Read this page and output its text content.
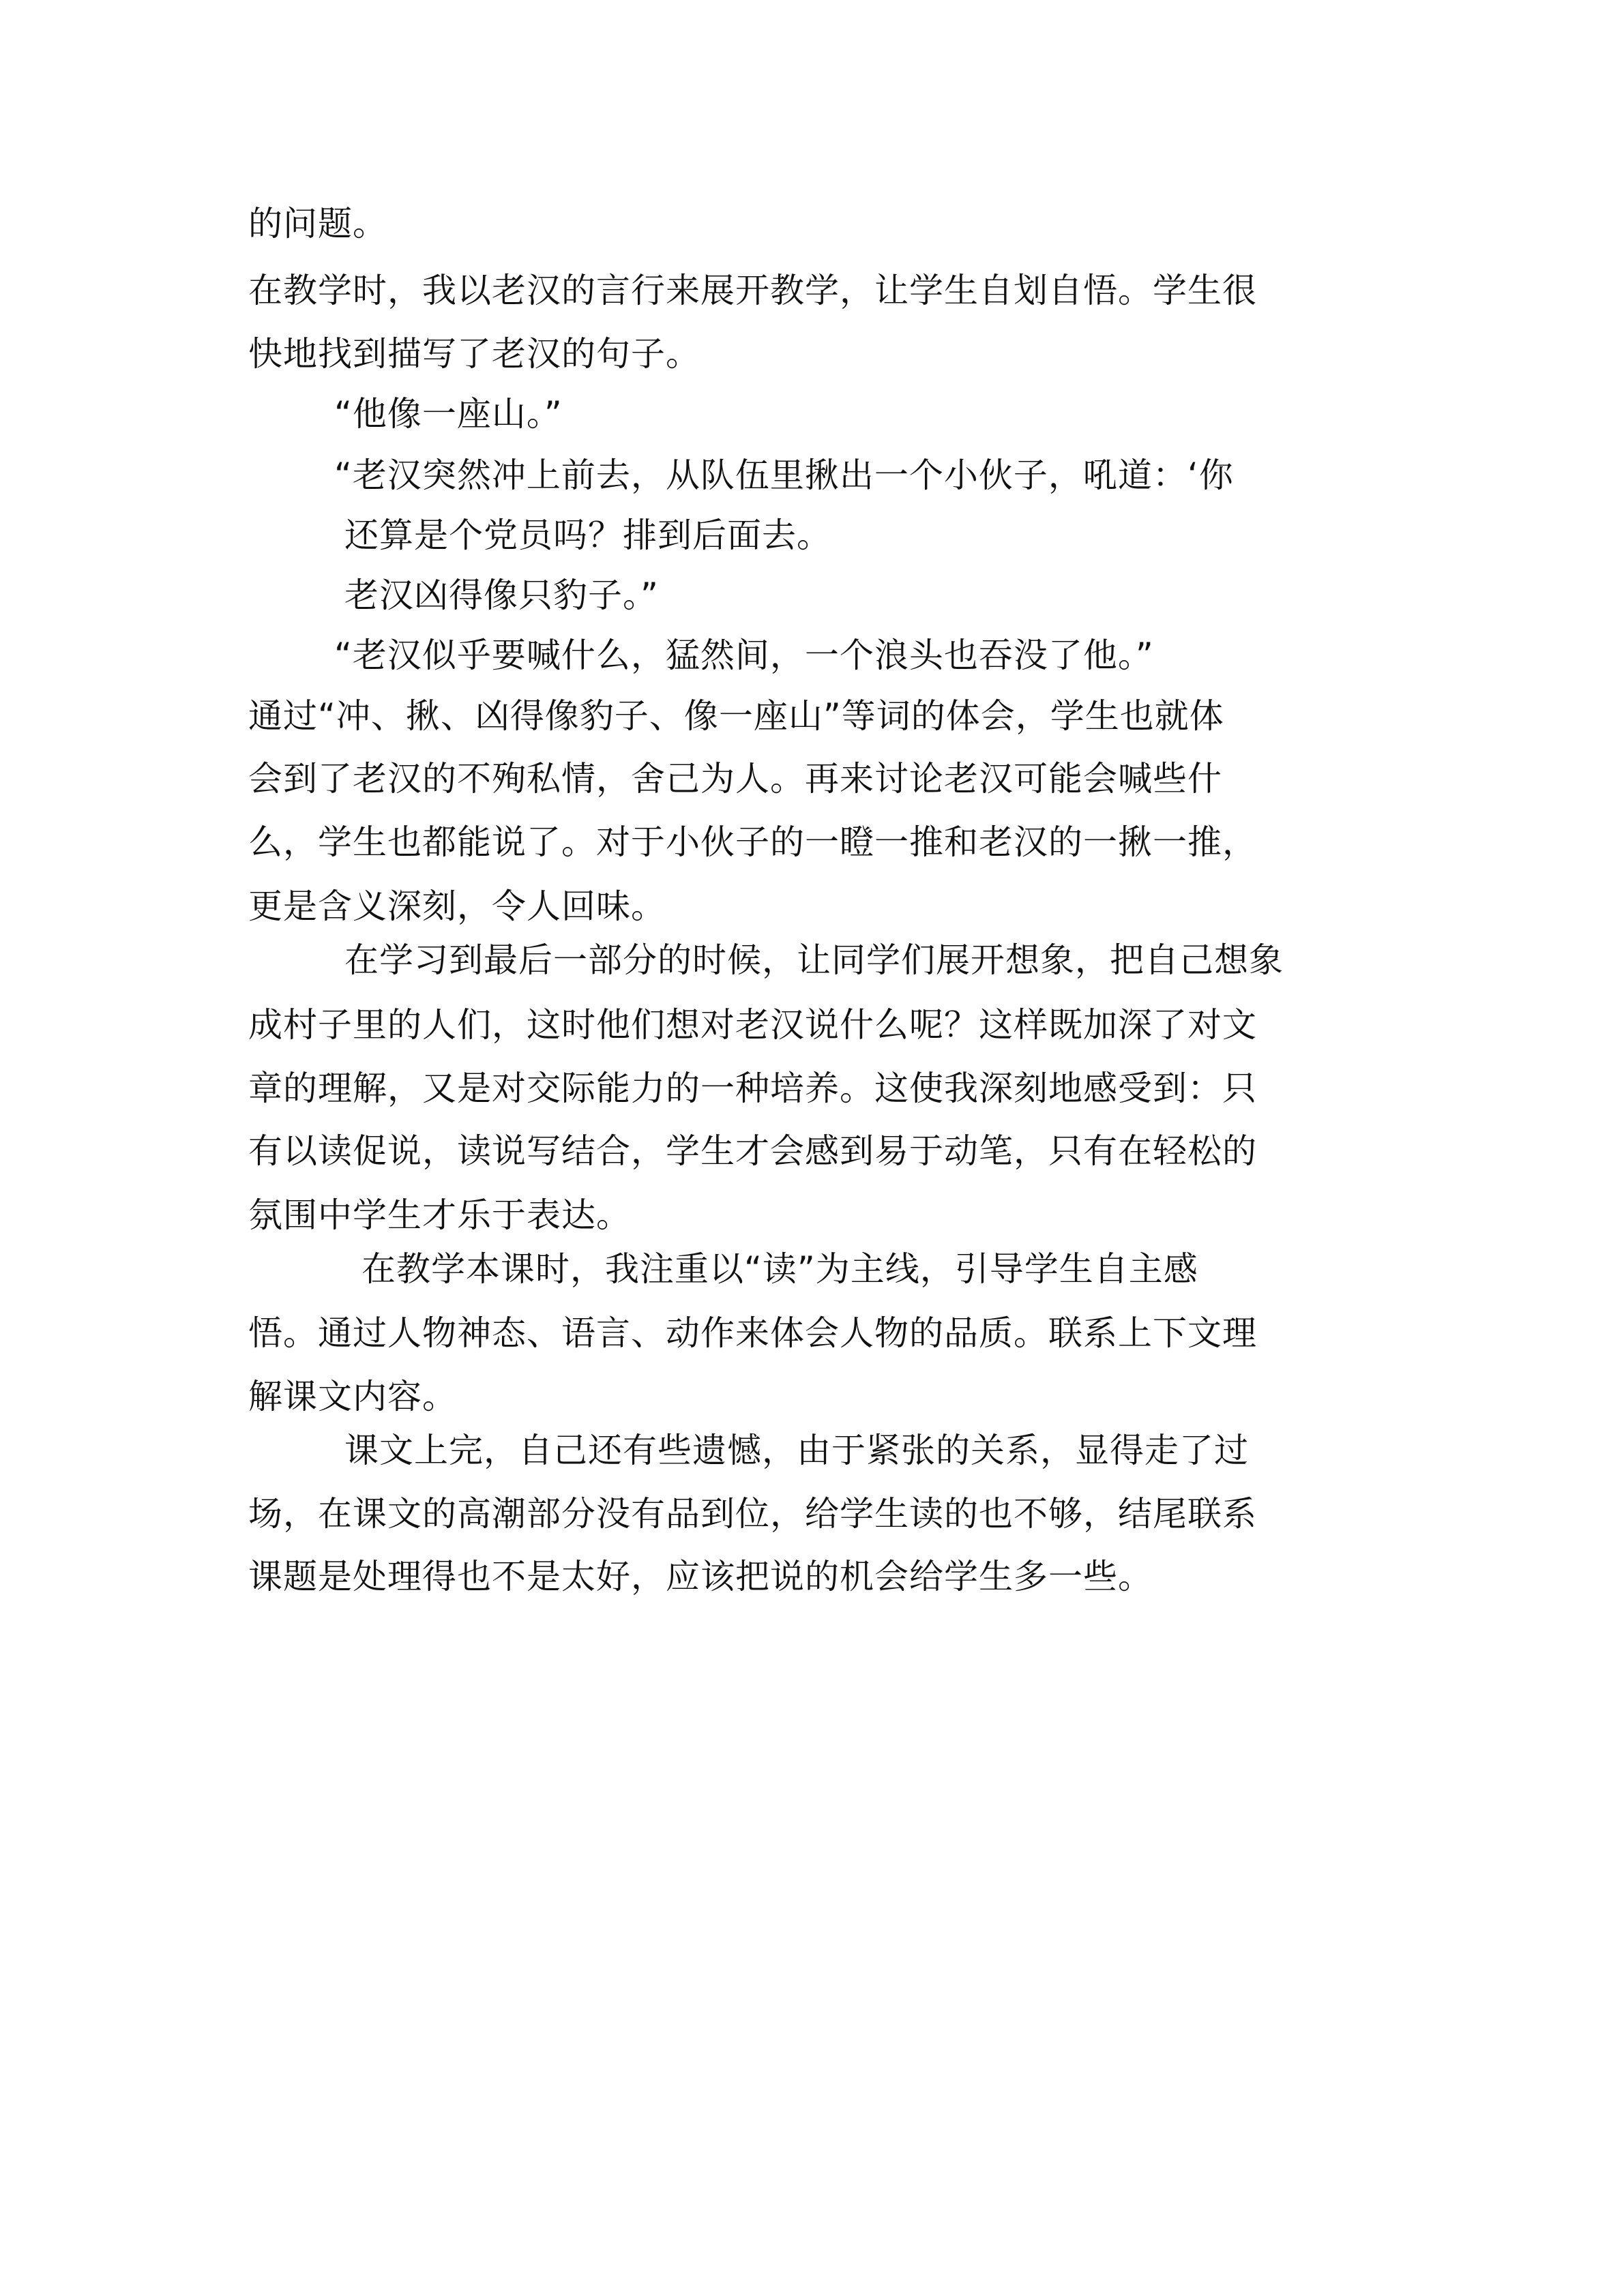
的问题。
在教学时，我以老汉的言行来展开教学，让学生自划自悟。学生很
快地找到描写了老汉的句子。
“他像一座山。”
“老汉突然冲上前去，从队伍里揪出一个小伙子，吼道：‘你
还算是个党员吗？排到后面去。
老汉凶得像只豹子。”
“老汉似乎要喊什么，猛然间，一个浪头也吞没了他。”
通过“冲、揪、凶得像豹子、像一座山”等词的体会，学生也就体
会到了老汉的不殉私情，舍己为人。再来讨论老汉可能会喊些什
么，学生也都能说了。对于小伙子的一瞪一推和老汉的一揪一推，
更是含义深刻，令人回味。
在学习到最后一部分的时候，让同学们展开想象，把自己想象
成村子里的人们，这时他们想对老汉说什么呢？这样既加深了对文
章的理解，又是对交际能力的一种培养。这使我深刻地感受到：只
有以读促说，读说写结合，学生才会感到易于动笔，只有在轻松的
氛围中学生才乐于表达。
在教学本课时，我注重以“读”为主线，引导学生自主感
悟。通过人物神态、语言、动作来体会人物的品质。联系上下文理
解课文内容。
课文上完，自己还有些遗憾，由于紧张的关系，显得走了过
场，在课文的高潮部分没有品到位，给学生读的也不够，结尾联系
课题是处理得也不是太好，应该把说的机会给学生多一些。
